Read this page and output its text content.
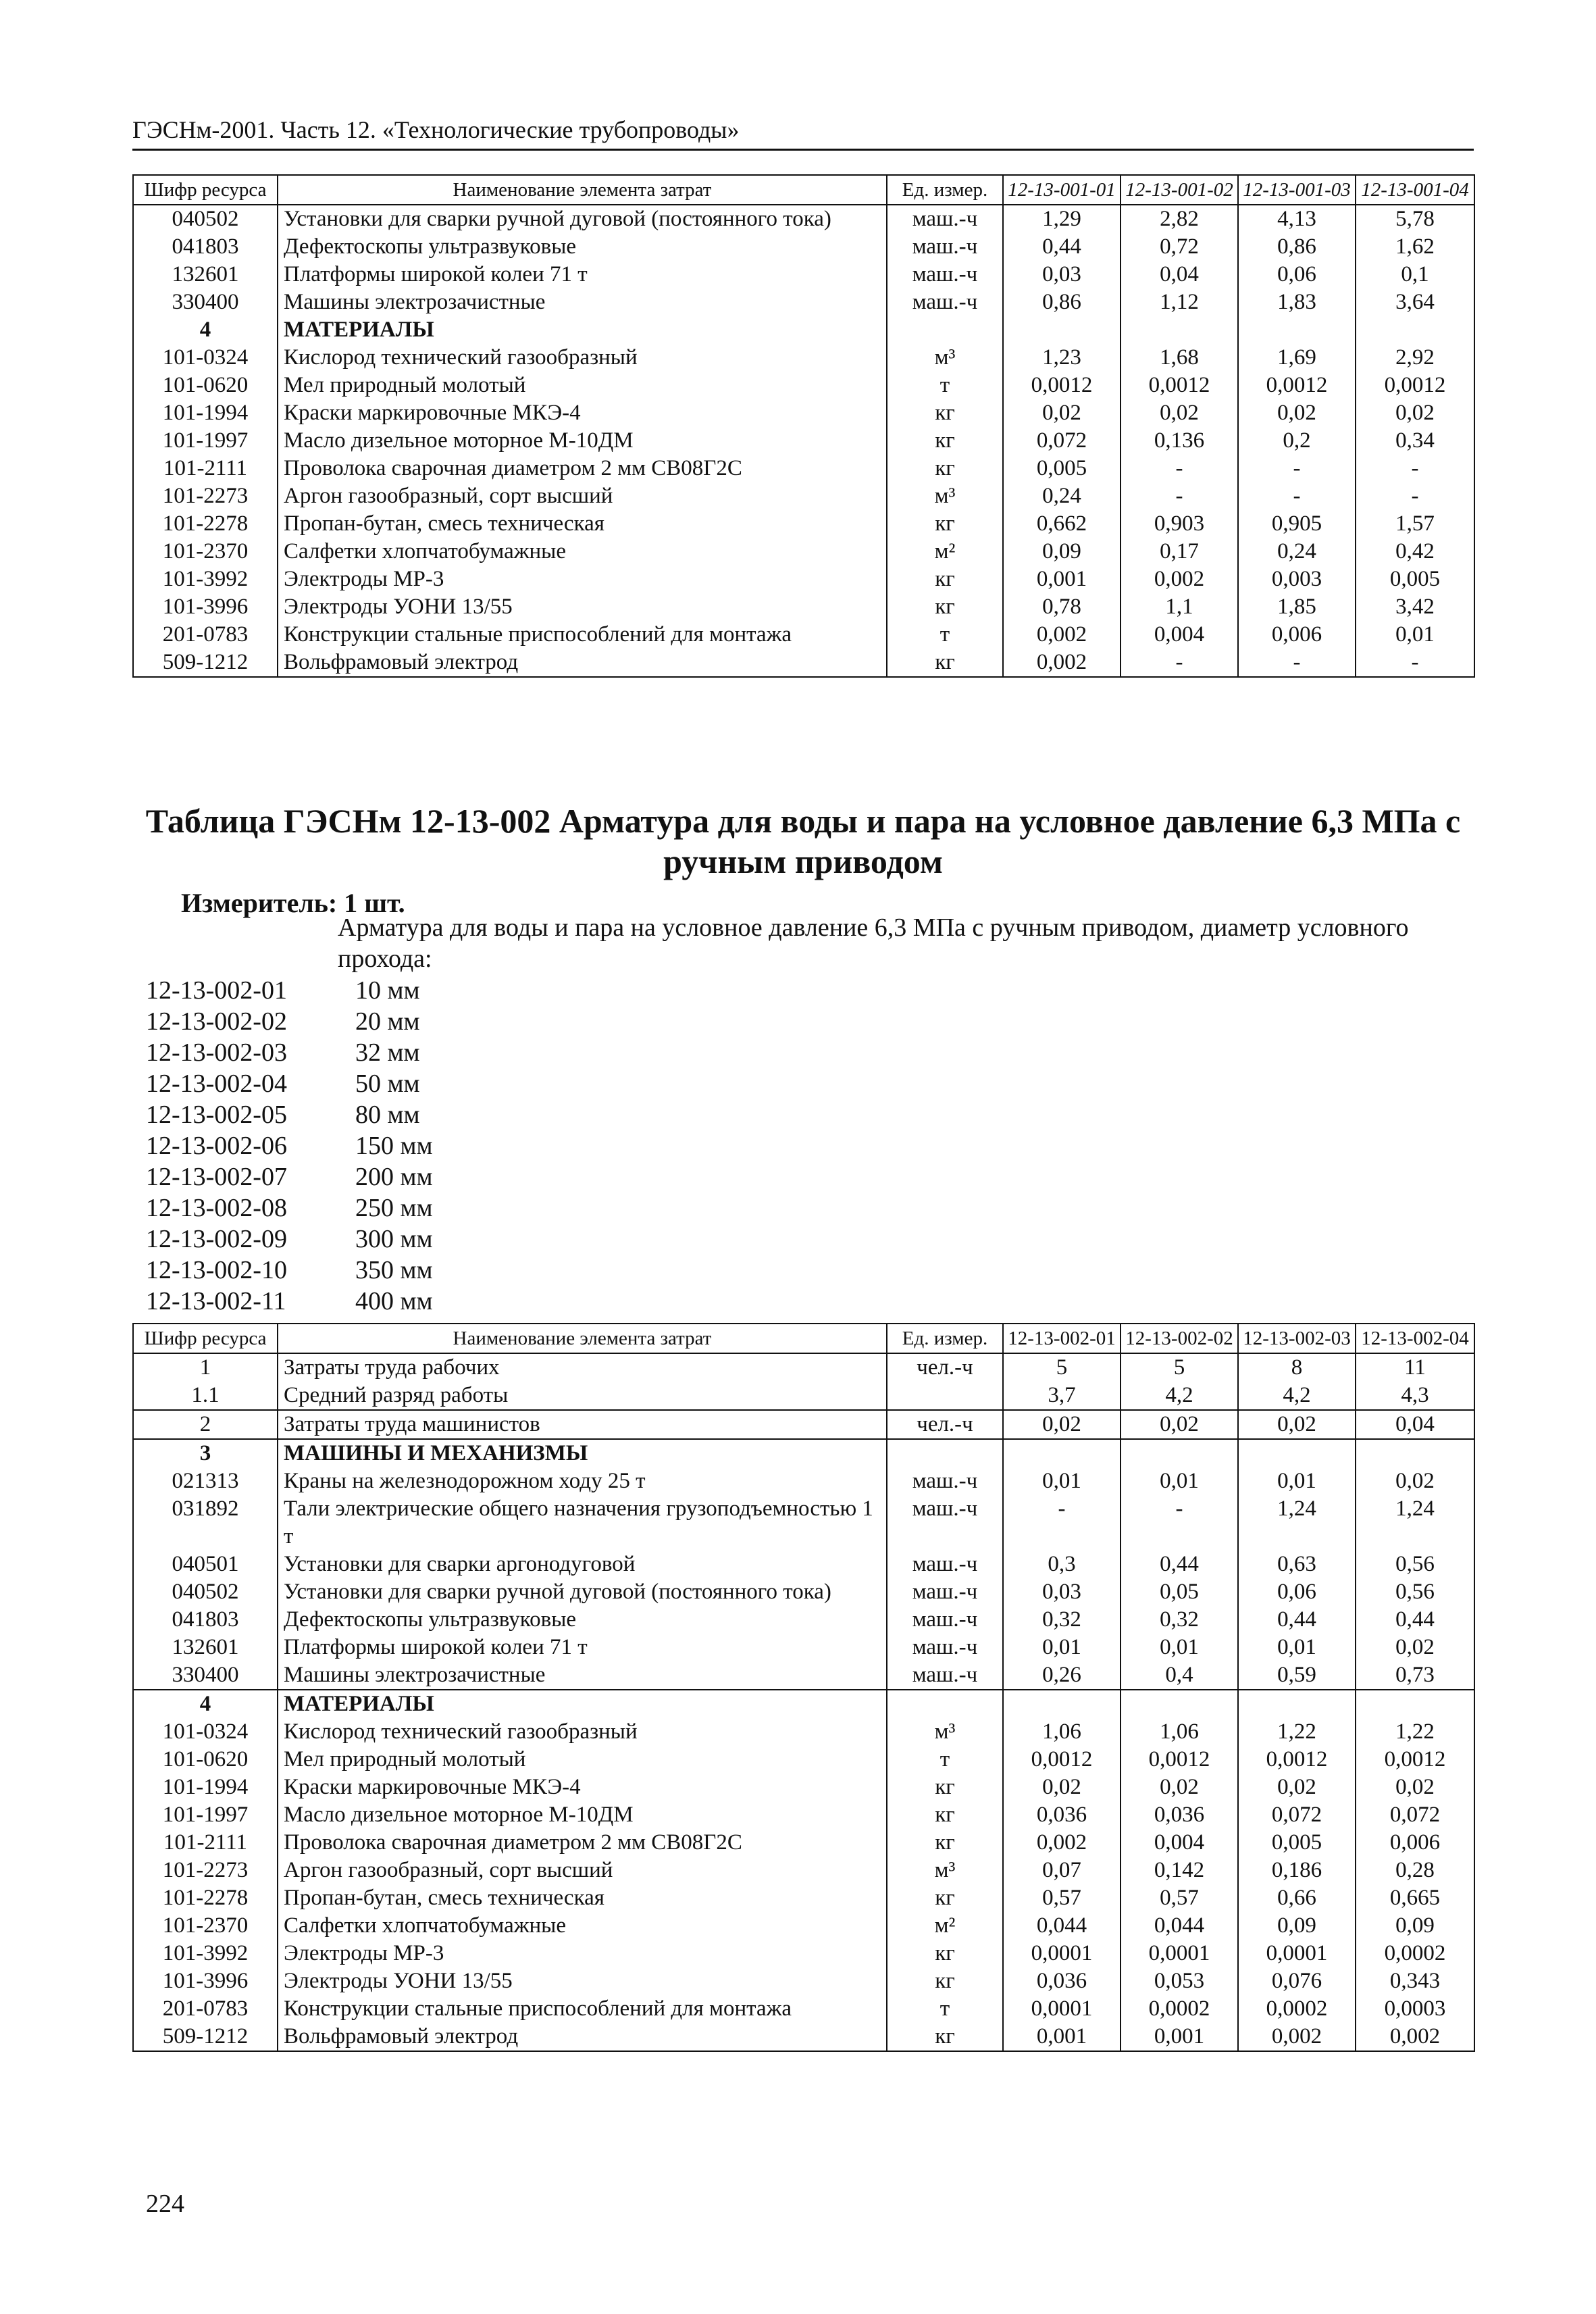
ГЭСНм-2001. Часть 12. «Технологические трубопроводы»
Шифр ресурса	Наименование элемента затрат	Ед. измер.	12-13-001-01	12-13-001-02	12-13-001-03	12-13-001-04
040502	Установки для сварки ручной дуговой (постоянного тока)	маш.-ч	1,29	2,82	4,13	5,78
041803	Дефектоскопы ультразвуковые	маш.-ч	0,44	0,72	0,86	1,62
132601	Платформы широкой колеи 71 т	маш.-ч	0,03	0,04	0,06	0,1
330400	Машины электрозачистные	маш.-ч	0,86	1,12	1,83	3,64
4	МАТЕРИАЛЫ					
101-0324	Кислород технический газообразный	м³	1,23	1,68	1,69	2,92
101-0620	Мел природный молотый	т	0,0012	0,0012	0,0012	0,0012
101-1994	Краски маркировочные МКЭ-4	кг	0,02	0,02	0,02	0,02
101-1997	Масло дизельное моторное М-10ДМ	кг	0,072	0,136	0,2	0,34
101-2111	Проволока сварочная диаметром 2 мм СВ08Г2С	кг	0,005	-	-	-
101-2273	Аргон газообразный, сорт высший	м³	0,24	-	-	-
101-2278	Пропан-бутан, смесь техническая	кг	0,662	0,903	0,905	1,57
101-2370	Салфетки хлопчатобумажные	м²	0,09	0,17	0,24	0,42
101-3992	Электроды МР-3	кг	0,001	0,002	0,003	0,005
101-3996	Электроды УОНИ 13/55	кг	0,78	1,1	1,85	3,42
201-0783	Конструкции стальные приспособлений для монтажа	т	0,002	0,004	0,006	0,01
509-1212	Вольфрамовый электрод	кг	0,002	-	-	-
Таблица ГЭСНм 12-13-002 Арматура для воды и пара на условное давление 6,3 МПа с ручным приводом
Измеритель: 1 шт.
Арматура для воды и пара на условное давление 6,3 МПа с ручным приводом, диаметр условного прохода:
12-13-002-01	10 мм
12-13-002-02	20 мм
12-13-002-03	32 мм
12-13-002-04	50 мм
12-13-002-05	80 мм
12-13-002-06	150 мм
12-13-002-07	200 мм
12-13-002-08	250 мм
12-13-002-09	300 мм
12-13-002-10	350 мм
12-13-002-11	400 мм
Шифр ресурса	Наименование элемента затрат	Ед. измер.	12-13-002-01	12-13-002-02	12-13-002-03	12-13-002-04
1	Затраты труда рабочих	чел.-ч	5	5	8	11
1.1	Средний разряд работы		3,7	4,2	4,2	4,3
2	Затраты труда машинистов	чел.-ч	0,02	0,02	0,02	0,04
3	МАШИНЫ И МЕХАНИЗМЫ					
021313	Краны на железнодорожном ходу 25 т	маш.-ч	0,01	0,01	0,01	0,02
031892	Тали электрические общего назначения грузоподъемностью 1 т	маш.-ч	-	-	1,24	1,24
040501	Установки для сварки аргонодуговой	маш.-ч	0,3	0,44	0,63	0,56
040502	Установки для сварки ручной дуговой (постоянного тока)	маш.-ч	0,03	0,05	0,06	0,56
041803	Дефектоскопы ультразвуковые	маш.-ч	0,32	0,32	0,44	0,44
132601	Платформы широкой колеи 71 т	маш.-ч	0,01	0,01	0,01	0,02
330400	Машины электрозачистные	маш.-ч	0,26	0,4	0,59	0,73
4	МАТЕРИАЛЫ					
101-0324	Кислород технический газообразный	м³	1,06	1,06	1,22	1,22
101-0620	Мел природный молотый	т	0,0012	0,0012	0,0012	0,0012
101-1994	Краски маркировочные МКЭ-4	кг	0,02	0,02	0,02	0,02
101-1997	Масло дизельное моторное М-10ДМ	кг	0,036	0,036	0,072	0,072
101-2111	Проволока сварочная диаметром 2 мм СВ08Г2С	кг	0,002	0,004	0,005	0,006
101-2273	Аргон газообразный, сорт высший	м³	0,07	0,142	0,186	0,28
101-2278	Пропан-бутан, смесь техническая	кг	0,57	0,57	0,66	0,665
101-2370	Салфетки хлопчатобумажные	м²	0,044	0,044	0,09	0,09
101-3992	Электроды МР-3	кг	0,0001	0,0001	0,0001	0,0002
101-3996	Электроды УОНИ 13/55	кг	0,036	0,053	0,076	0,343
201-0783	Конструкции стальные приспособлений для монтажа	т	0,0001	0,0002	0,0002	0,0003
509-1212	Вольфрамовый электрод	кг	0,001	0,001	0,002	0,002
224
